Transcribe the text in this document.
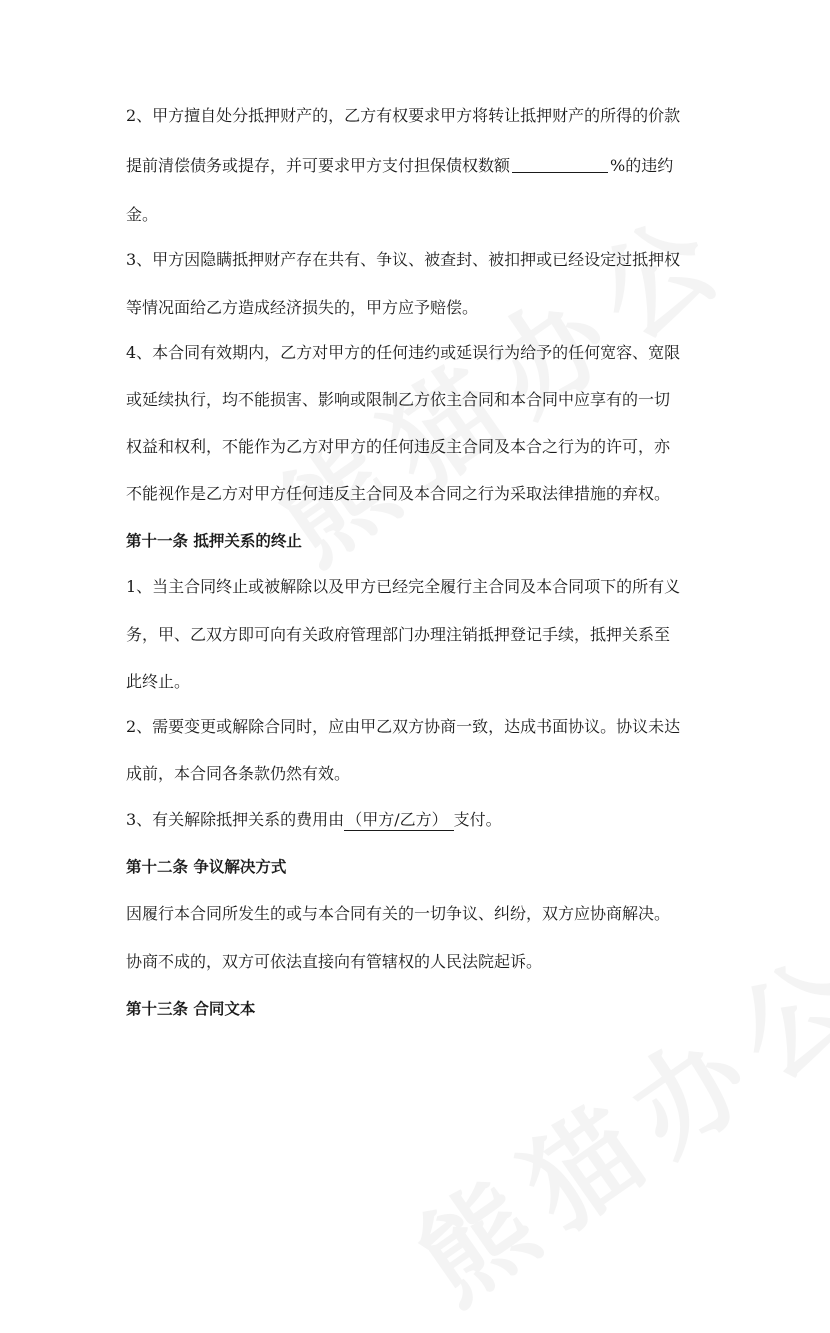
2、甲方擅自处分抵押财产的，乙方有权要求甲方将转让抵押财产的所得的价款
提前清偿债务或提存，并可要求甲方支付担保债权数额	%的违约
金。
3、甲方因隐瞒抵押财产存在共有、争议、被查封、被扣押或已经设定过抵押权
等情况面给乙方造成经济损失的，甲方应予赔偿。
4、本合同有效期内，乙方对甲方的任何违约或延误行为给予的任何宽容、宽限
或延续执行，均不能损害、影响或限制乙方依主合同和本合同中应享有的一切
权益和权利，不能作为乙方对甲方的任何违反主合同及本合之行为的许可，亦
不能视作是乙方对甲方任何违反主合同及本合同之行为采取法律措施的弃权。
第十一条 抵押关系的终止
1、当主合同终止或被解除以及甲方已经完全履行主合同及本合同项下的所有义
务，甲、乙双方即可向有关政府管理部门办理注销抵押登记手续，抵押关系至
此终止。
2、需要变更或解除合同时，应由甲乙双方协商一致，达成书面协议。协议未达
成前，本合同各条款仍然有效。
3、有关解除抵押关系的费用由 （甲方/乙方） 支付。
第十二条 争议解决方式
因履行本合同所发生的或与本合同有关的一切争议、纠纷，双方应协商解决。
协商不成的，双方可依法直接向有管辖权的人民法院起诉。
第十三条 合同文本
